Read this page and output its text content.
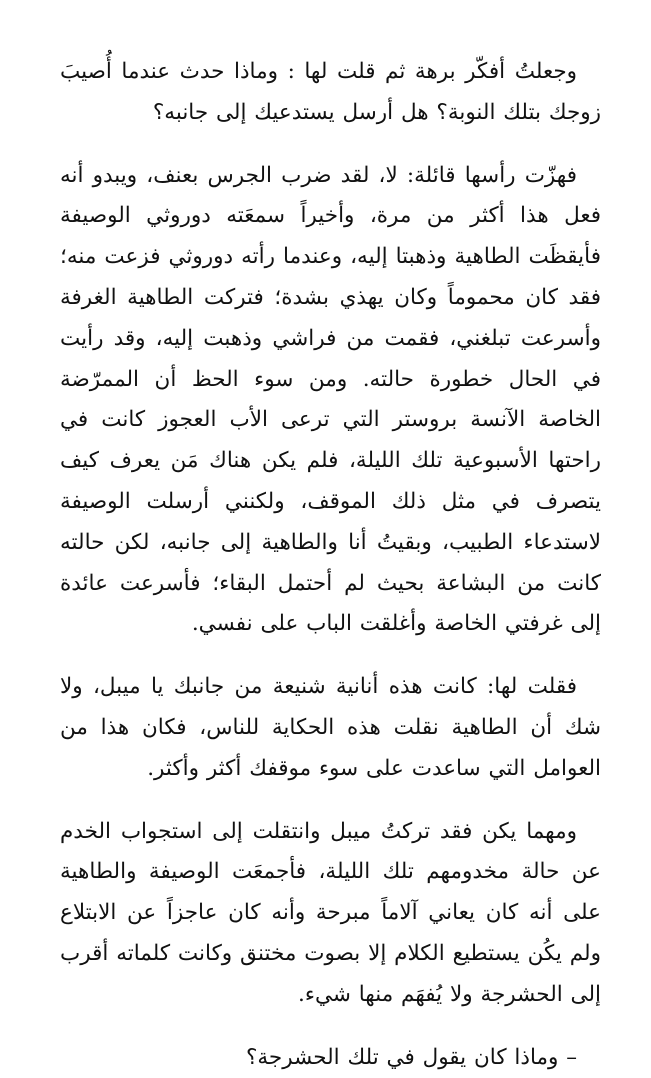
وجعلتُ أفكّر برهة ثم قلت لها : وماذا حدث عندما أُصيبَ زوجك بتلك النوبة؟ هل أرسل يستدعيك إلى جانبه؟

فهزّت رأسها قائلة: لا، لقد ضرب الجرس بعنف، ويبدو أنه فعل هذا أكثر من مرة، وأخيراً سمعَته دوروثي الوصيفة فأيقظَت الطاهية وذهبتا إليه، وعندما رأته دوروثي فزعت منه؛ فقد كان محموماً وكان يهذي بشدة؛ فتركت الطاهية الغرفة وأسرعت تبلغني، فقمت من فراشي وذهبت إليه، وقد رأيت في الحال خطورة حالته. ومن سوء الحظ أن الممرّضة الخاصة الآنسة بروستر التي ترعى الأب العجوز كانت في راحتها الأسبوعية تلك الليلة، فلم يكن هناك مَن يعرف كيف يتصرف في مثل ذلك الموقف، ولكنني أرسلت الوصيفة لاستدعاء الطبيب، وبقيتُ أنا والطاهية إلى جانبه، لكن حالته كانت من البشاعة بحيث لم أحتمل البقاء؛ فأسرعت عائدة إلى غرفتي الخاصة وأغلقت الباب على نفسي.

فقلت لها: كانت هذه أنانية شنيعة من جانبك يا ميبل، ولا شك أن الطاهية نقلت هذه الحكاية للناس، فكان هذا من العوامل التي ساعدت على سوء موقفك أكثر وأكثر.

ومهما يكن فقد تركتُ ميبل وانتقلت إلى استجواب الخدم عن حالة مخدومهم تلك الليلة، فأجمعَت الوصيفة والطاهية على أنه كان يعاني آلاماً مبرحة وأنه كان عاجزاً عن الابتلاع ولم يكُن يستطيع الكلام إلا بصوت مختنق وكانت كلماته أقرب إلى الحشرجة ولا يُفهَم منها شيء.

– وماذا كان يقول في تلك الحشرجة؟
